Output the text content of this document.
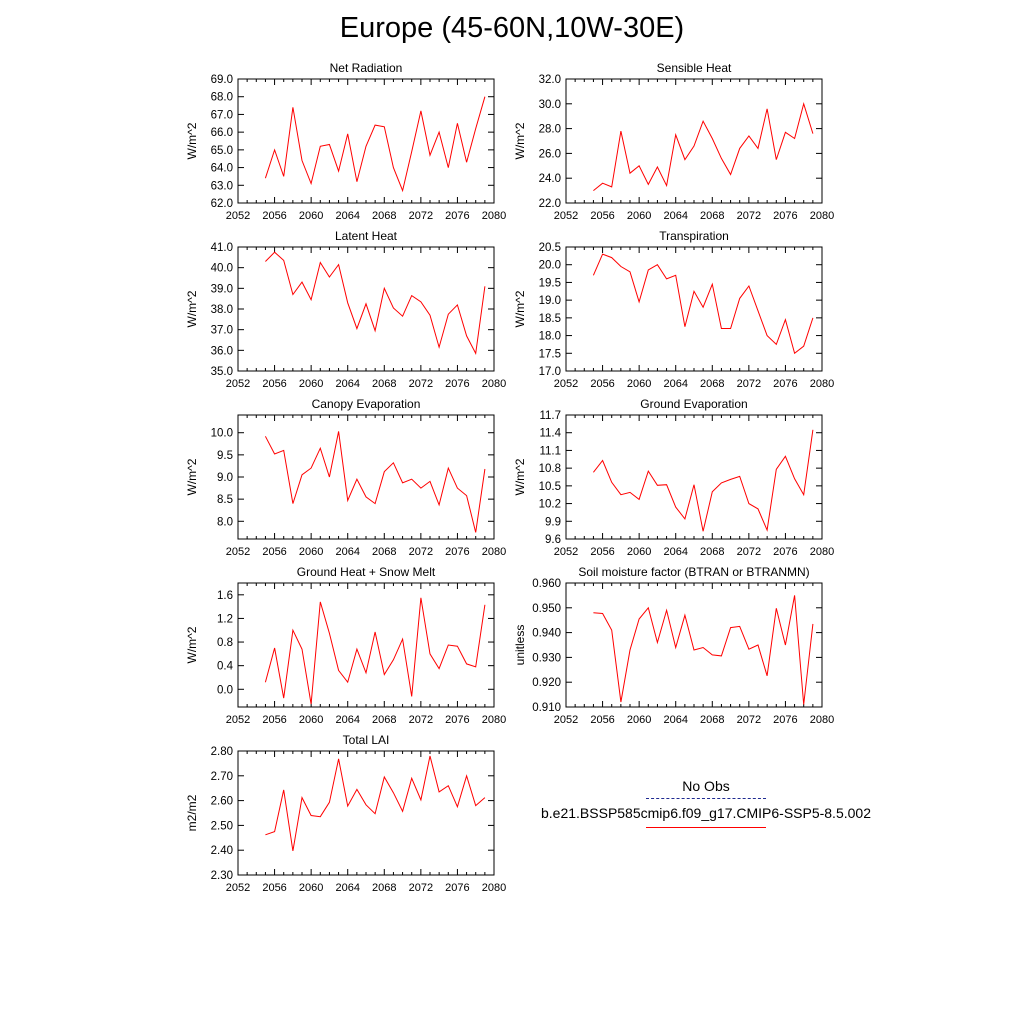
Europe (45-60N,10W-30E)
2052 2056 2060 2064 2068 2072 2076 2080
62.0
63.0
64.0
65.0
66.0
67.0
68.0
69.0
Net Radiation
W/m^2
2052 2056 2060 2064 2068 2072 2076 2080
22.0
24.0
26.0
28.0
30.0
32.0
Sensible Heat
W/m^2
2052 2056 2060 2064 2068 2072 2076 2080
35.0
36.0
37.0
38.0
39.0
40.0
41.0
Latent Heat
W/m^2
2052 2056 2060 2064 2068 2072 2076 2080
17.0
17.5
18.0
18.5
19.0
19.5
20.0
20.5
Transpiration
W/m^2
2052 2056 2060 2064 2068 2072 2076 2080
8.0
8.5
9.0
9.5
10.0
Canopy Evaporation
W/m^2
2052 2056 2060 2064 2068 2072 2076 2080
9.6
9.9
10.2
10.5
10.8
11.1
11.4
11.7
Ground Evaporation
W/m^2
2052 2056 2060 2064 2068 2072 2076 2080
0.0
0.4
0.8
1.2
1.6
Ground Heat + Snow Melt
W/m^2
2052 2056 2060 2064 2068 2072 2076 2080
0.910
0.920
0.930
0.940
0.950
0.960
Soil moisture factor (BTRAN or BTRANMN)
unitless
2052 2056 2060 2064 2068 2072 2076 2080
2.30
2.40
2.50
2.60
2.70
2.80
Total LAI
m2/m2
No Obs
b.e21.BSSP585cmip6.f09_g17.CMIP6-SSP5-8.5.002
